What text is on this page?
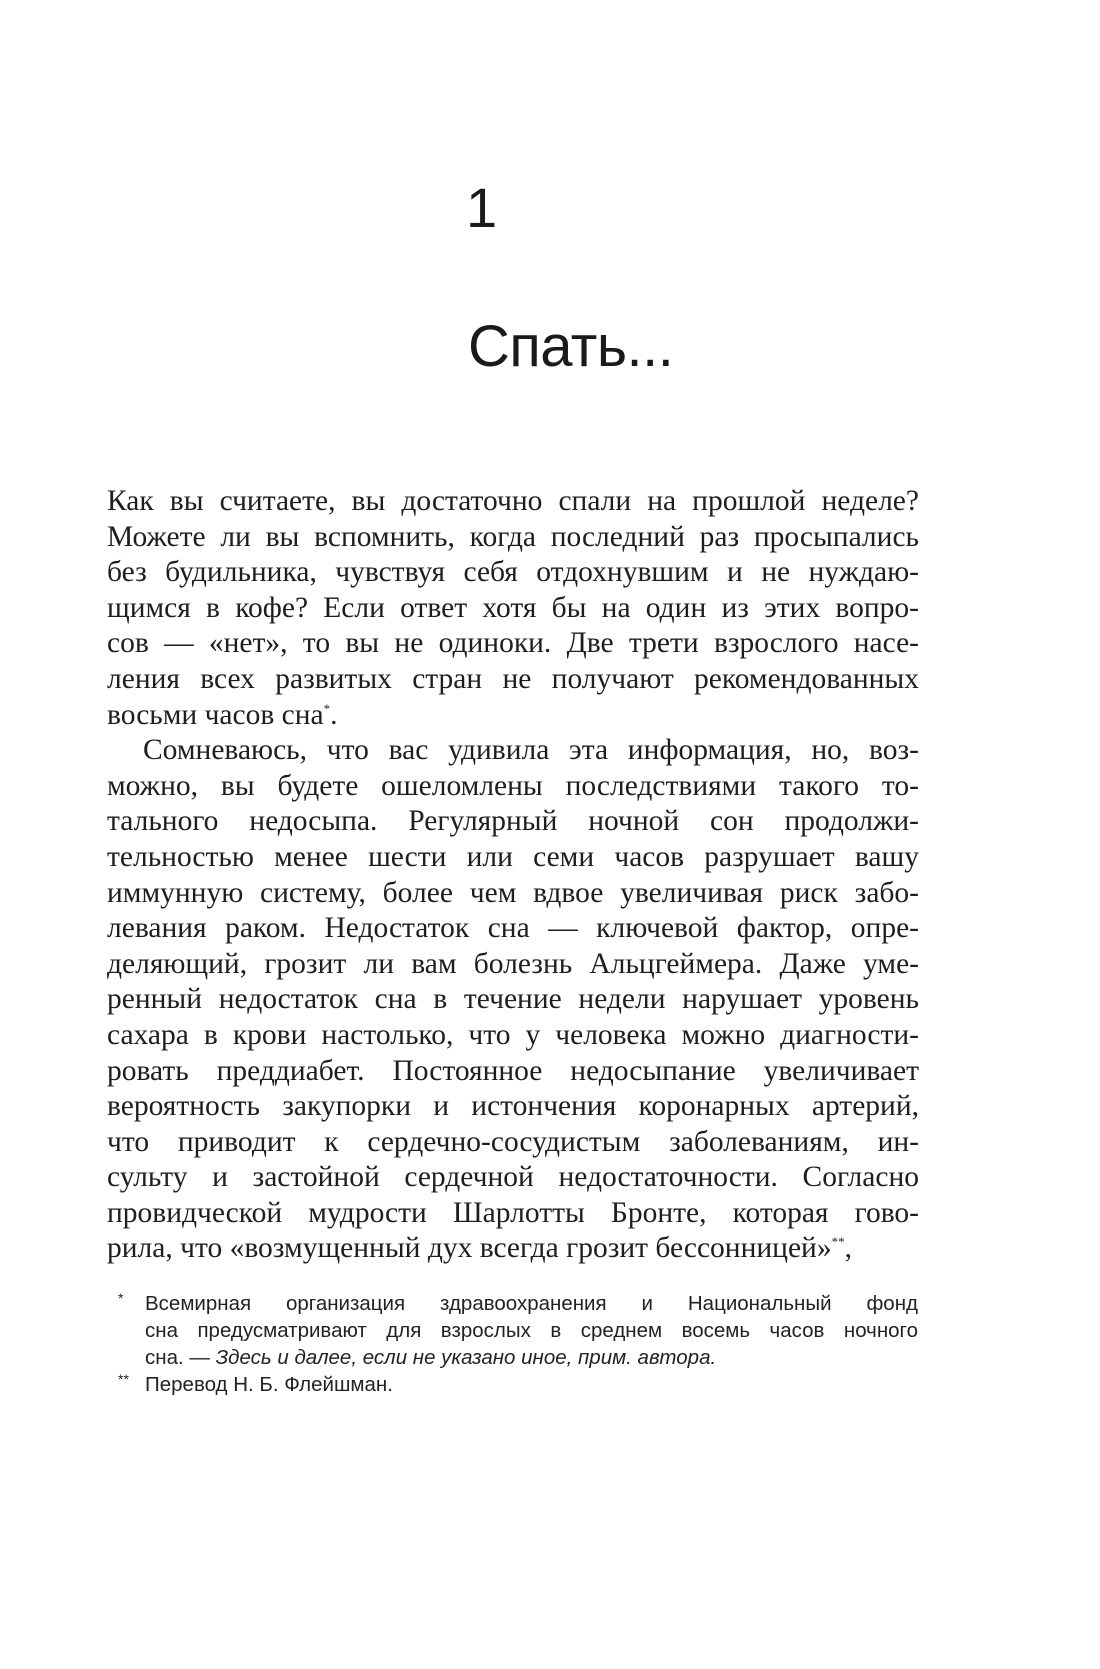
1
Спать...

Как вы считаете, вы достаточно спали на прошлой неделе?
Можете ли вы вспомнить, когда последний раз просыпались
без будильника, чувствуя себя отдохнувшим и не нуждаю-
щимся в кофе? Если ответ хотя бы на один из этих вопро-
сов — «нет», то вы не одиноки. Две трети взрослого насе-
ления всех развитых стран не получают рекомендованных
восьми часов сна*.

Сомневаюсь, что вас удивила эта информация, но, воз-
можно, вы будете ошеломлены последствиями такого то-
тального недосыпа. Регулярный ночной сон продолжи-
тельностью менее шести или семи часов разрушает вашу
иммунную систему, более чем вдвое увеличивая риск забо-
левания раком. Недостаток сна — ключевой фактор, опре-
деляющий, грозит ли вам болезнь Альцгеймера. Даже уме-
ренный недостаток сна в течение недели нарушает уровень
сахара в крови настолько, что у человека можно диагности-
ровать преддиабет. Постоянное недосыпание увеличивает
вероятность закупорки и истончения коронарных артерий,
что приводит к сердечно-сосудистым заболеваниям, ин-
сульту и застойной сердечной недостаточности. Согласно
провидческой мудрости Шарлотты Бронте, которая гово-
рила, что «возмущенный дух всегда грозит бессонницей»**,

* Всемирная организация здравоохранения и Национальный фонд
сна предусматривают для взрослых в среднем восемь часов ночного
сна. — Здесь и далее, если не указано иное, прим. автора.
** Перевод Н. Б. Флейшман.
